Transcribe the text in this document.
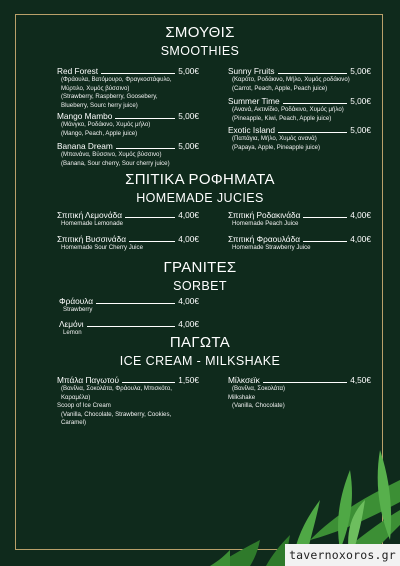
ΣΜΟΥΘΙΣ
SMOOTHIES
Red Forest	5,00€
(Φράουλα, Βατόμουρο, Φραγκοστάφυλο,
Μύρτιλο, Χυμός βύσσινο)
(Strawberry, Raspberry, Goosebery,
Blueberry, Sourc herry juice)
Mango Mambo	5,00€
(Μάνγκο, Ροδάκινο, Χυμός μήλο)
(Mango, Peach, Apple juice)
Banana Dream	5,00€
(Μπανάνα, Βύσσινο, Χυμός βύσσινο)
(Banana, Sour cherry, Sour cherry juice)
Sunny Fruits	5,00€
(Καρότο, Ροδάκινο, Μήλο, Χυμός ροδάκινο)
(Carrot, Peach, Apple, Peach juice)
Summer Time	5,00€
(Ανανά, Ακτινίδιο, Ροδάκινο, Χυμός μήλο)
(Pineapple, Kiwi, Peach, Apple juice)
Exotic Island	5,00€
(Παπάγια, Μήλο, Χυμός ανανά)
(Papaya, Apple, Pineapple juice)
ΣΠΙΤΙΚΑ ΡΟΦΗΜΑΤΑ
HOMEMADE JUCIES
Σπιτική Λεμονάδα	4,00€
Homemade Lemonade
Σπιτική Βυσσινάδα	4,00€
Homemade Sour Cherry Juice
Σπιτική Ροδακινάδα	4,00€
Homemade Peach Juice
Σπιτική Φραουλάδα	4,00€
Homemade Strawberry Juice
ΓΡΑΝΙΤΕΣ
SORBET
Φράουλα	4,00€
Strawberry
Λεμόνι	4,00€
Lemon
ΠΑΓΩΤΑ
ICE CREAM - MILKSHAKE
Μπάλα Παγωτού	1,50€
(Βανίλια, Σοκολάτα, Φράουλα, Μπισκότο,
Καραμέλα)
Scoop of Ice Cream
(Vanilla, Chocolate, Strawberry, Cookies,
Caramel)
Μίλκσεϊκ	4,50€
(Βανίλια, Σοκολάτα)
Milkshake
(Vanilla, Chocolate)
tavernoxoros.gr
